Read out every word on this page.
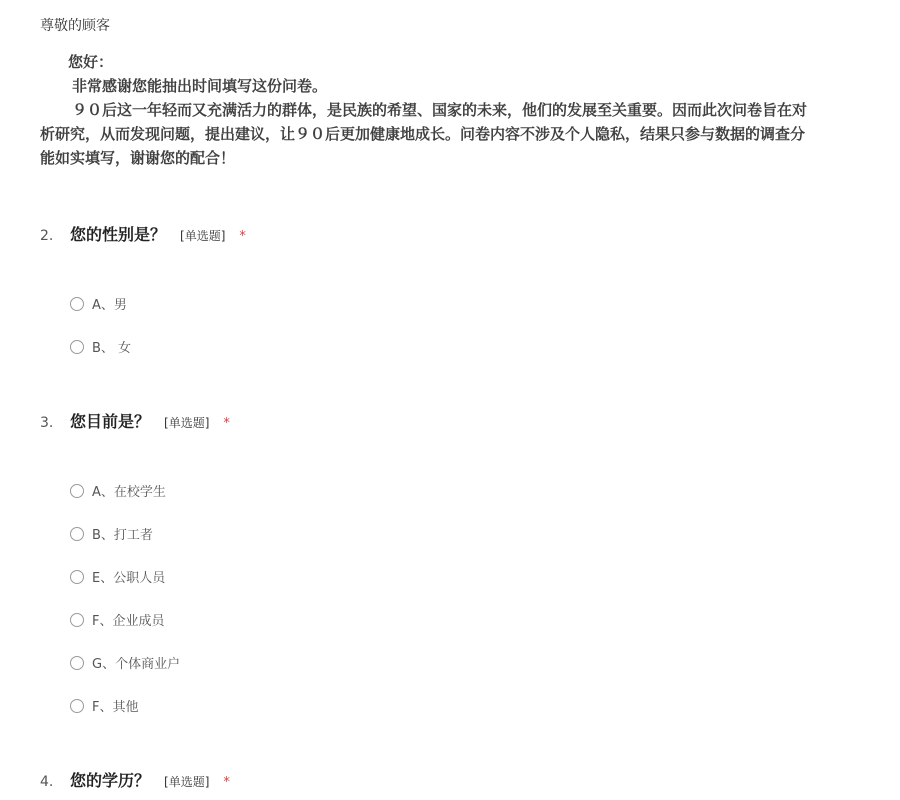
尊敬的顾客
您好：
非常感谢您能抽出时间填写这份问卷。
９０后这一年轻而又充满活力的群体，是民族的希望、国家的未来，他们的发展至关重要。因而此次问卷旨在对
析研究，从而发现问题，提出建议，让９０后更加健康地成长。问卷内容不涉及个人隐私，结果只参与数据的调查分
能如实填写，谢谢您的配合！
2.	您的性别是？ [单选题] *
A、男
B、 女
3.	您目前是？ [单选题] *
A、在校学生
B、打工者
E、公职人员
F、企业成员
G、个体商业户
F、其他
4.	您的学历？ [单选题] *
